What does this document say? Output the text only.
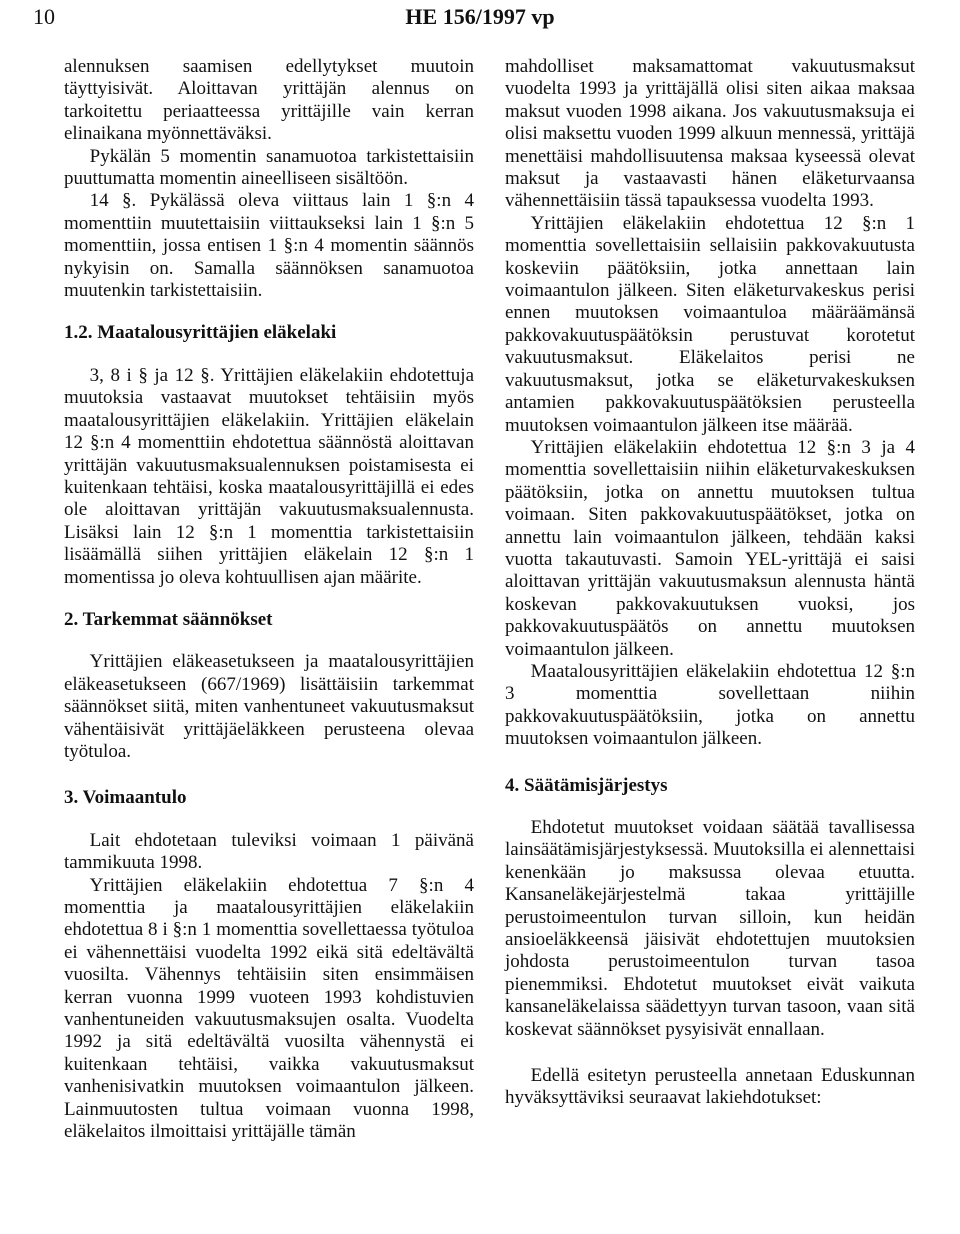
10	HE 156/1997 vp

alennuksen saamisen edellytykset muutoin täyttyisivät. Aloittavan yrittäjän alennus on tarkoitettu periaatteessa yrittäjille vain kerran elinaikana myönnettäväksi.

Pykälän 5 momentin sanamuotoa tarkistettaisiin puuttumatta momentin aineelliseen sisältöön.

14 §. Pykälässä oleva viittaus lain 1 §:n 4 momenttiin muutettaisiin viittaukseksi lain 1 §:n 5 momenttiin, jossa entisen 1 §:n 4 momentin säännös nykyisin on. Samalla säännöksen sanamuotoa muutenkin tarkistettaisiin.

1.2. Maatalousyrittäjien eläkelaki

3, 8 i § ja 12 §. Yrittäjien eläkelakiin ehdotettuja muutoksia vastaavat muutokset tehtäisiin myös maatalousyrittäjien eläkelakiin. Yrittäjien eläkelain 12 §:n 4 momenttiin ehdotettua säännöstä aloittavan yrittäjän vakuutusmaksualennuksen poistamisesta ei kuitenkaan tehtäisi, koska maatalousyrittäjillä ei edes ole aloittavan yrittäjän vakuutusmaksualennusta. Lisäksi lain 12 §:n 1 momenttia tarkistettaisiin lisäämällä siihen yrittäjien eläkelain 12 §:n 1 momentissa jo oleva kohtuullisen ajan määrite.

2. Tarkemmat säännökset

Yrittäjien eläkeasetukseen ja maatalousyrittäjien eläkeasetukseen (667/1969) lisättäisiin tarkemmat säännökset siitä, miten vanhentuneet vakuutusmaksut vähentäisivät yrittäjäeläkkeen perusteena olevaa työtuloa.

3. Voimaantulo

Lait ehdotetaan tuleviksi voimaan 1 päivänä tammikuuta 1998.

Yrittäjien eläkelakiin ehdotettua 7 §:n 4 momenttia ja maatalousyrittäjien eläkelakiin ehdotettua 8 i §:n 1 momenttia sovellettaessa työtuloa ei vähennettäisi vuodelta 1992 eikä sitä edeltävältä vuosilta. Vähennys tehtäisiin siten ensimmäisen kerran vuonna 1999 vuoteen 1993 kohdistuvien vanhentuneiden vakuutusmaksujen osalta. Vuodelta 1992 ja sitä edeltävältä vuosilta vähennystä ei kuitenkaan tehtäisi, vaikka vakuutusmaksut vanhenisivatkin muutoksen voimaantulon jälkeen. Lainmuutosten tultua voimaan vuonna 1998, eläkelaitos ilmoittaisi yrittäjälle tämän

mahdolliset maksamattomat vakuutusmaksut vuodelta 1993 ja yrittäjällä olisi siten aikaa maksaa maksut vuoden 1998 aikana. Jos vakuutusmaksuja ei olisi maksettu vuoden 1999 alkuun mennessä, yrittäjä menettäisi mahdollisuutensa maksaa kyseessä olevat maksut ja vastaavasti hänen eläketurvaansa vähennettäisiin tässä tapauksessa vuodelta 1993.

Yrittäjien eläkelakiin ehdotettua 12 §:n 1 momenttia sovellettaisiin sellaisiin pakkovakuutusta koskeviin päätöksiin, jotka annettaan lain voimaantulon jälkeen. Siten eläketurvakeskus perisi ennen muutoksen voimaantuloa määräämänsä pakkovakuutuspäätöksin perustuvat korotetut vakuutusmaksut. Eläkelaitos perisi ne vakuutusmaksut, jotka se eläketurvakeskuksen antamien pakkovakuutuspäätöksien perusteella muutoksen voimaantulon jälkeen itse määrää.

Yrittäjien eläkelakiin ehdotettua 12 §:n 3 ja 4 momenttia sovellettaisiin niihin eläketurvakeskuksen päätöksiin, jotka on annettu muutoksen tultua voimaan. Siten pakkovakuutuspäätökset, jotka on annettu lain voimaantulon jälkeen, tehdään kaksi vuotta takautuvasti. Samoin YEL-yrittäjä ei saisi aloittavan yrittäjän vakuutusmaksun alennusta häntä koskevan pakkovakuutuksen vuoksi, jos pakkovakuutuspäätös on annettu muutoksen voimaantulon jälkeen.

Maatalousyrittäjien eläkelakiin ehdotettua 12 §:n 3 momenttia sovellettaan niihin pakkovakuutuspäätöksiin, jotka on annettu muutoksen voimaantulon jälkeen.

4. Säätämisjärjestys

Ehdotetut muutokset voidaan säätää tavallisessa lainsäätämisjärjestyksessä. Muutoksilla ei alennettaisi kenenkään jo maksussa olevaa etuutta. Kansaneläkejärjestelmä takaa yrittäjille perustoimeentulon turvan silloin, kun heidän ansioeläkkeensä jäisivät ehdotettujen muutoksien johdosta perustoimeentulon turvan tasoa pienemmiksi. Ehdotetut muutokset eivät vaikuta kansaneläkelaissa säädettyyn turvan tasoon, vaan sitä koskevat säännökset pysyisivät ennallaan.

Edellä esitetyn perusteella annetaan Eduskunnan hyväksyttäviksi seuraavat lakiehdotukset:
